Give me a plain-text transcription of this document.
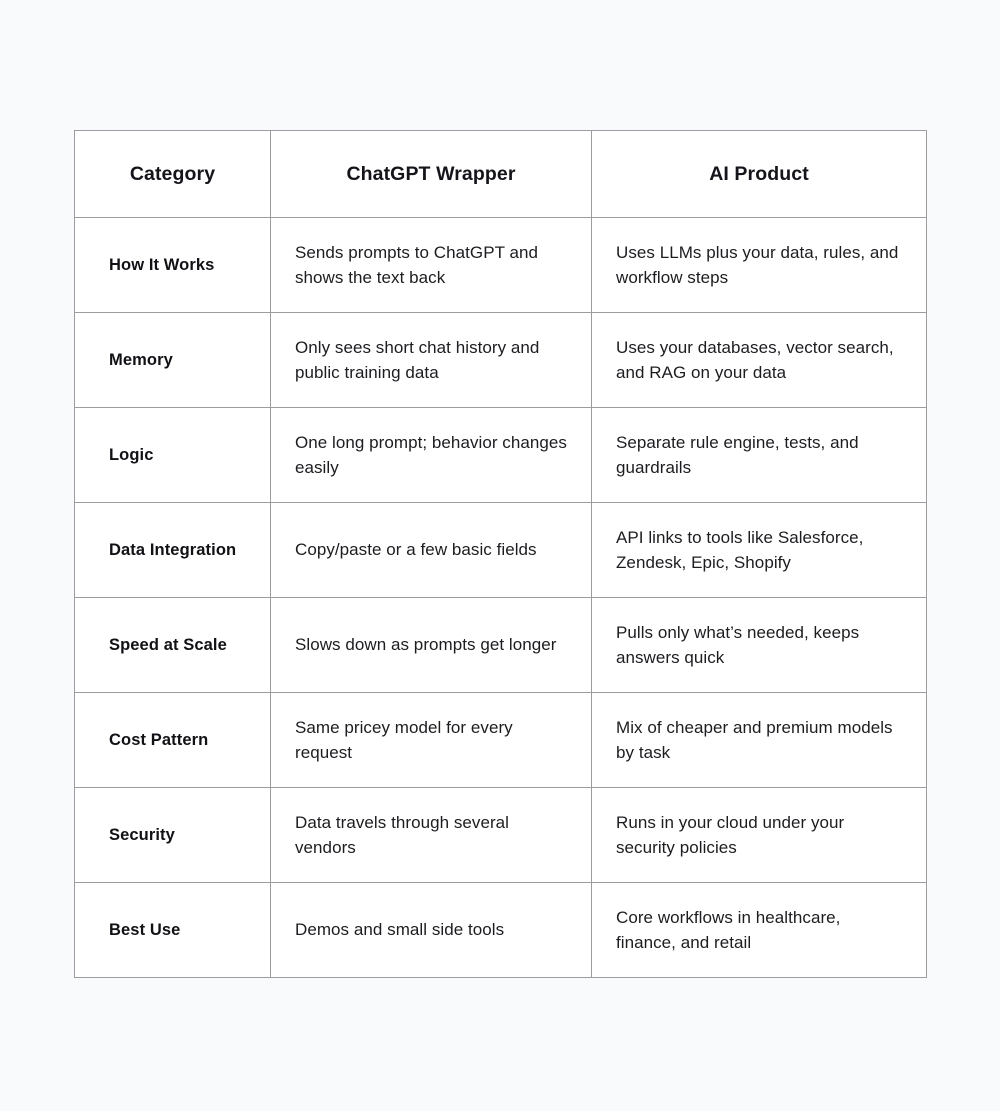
Category	ChatGPT Wrapper	AI Product
How It Works	Sends prompts to ChatGPT and shows the text back	Uses LLMs plus your data, rules, and workflow steps
Memory	Only sees short chat history and public training data	Uses your databases, vector search, and RAG on your data
Logic	One long prompt; behavior changes easily	Separate rule engine, tests, and guardrails
Data Integration	Copy/paste or a few basic fields	API links to tools like Salesforce, Zendesk, Epic, Shopify
Speed at Scale	Slows down as prompts get longer	Pulls only what’s needed, keeps answers quick
Cost Pattern	Same pricey model for every request	Mix of cheaper and premium models by task
Security	Data travels through several vendors	Runs in your cloud under your security policies
Best Use	Demos and small side tools	Core workflows in healthcare, finance, and retail
